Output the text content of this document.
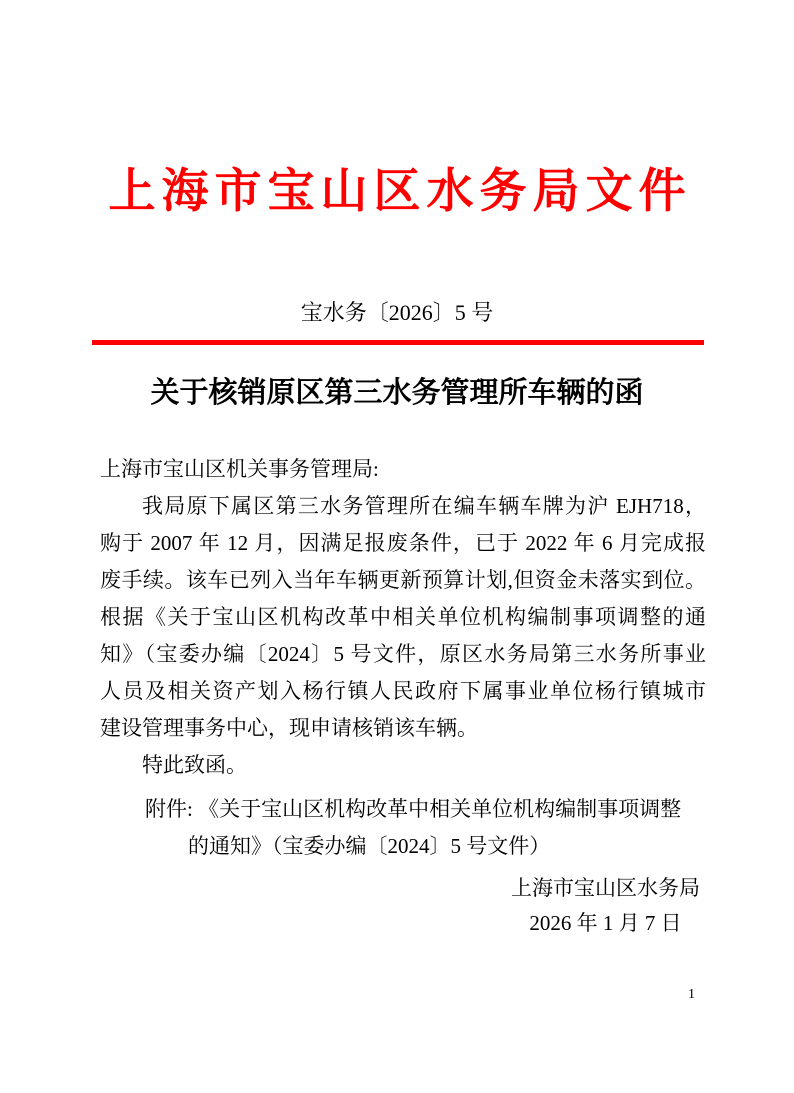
上海市宝山区水务局文件
宝水务〔2026〕5 号
关于核销原区第三水务管理所车辆的函
上海市宝山区机关事务管理局:
我局原下属区第三水务管理所在编车辆车牌为沪 EJH718，
购于 2007 年 12 月，因满足报废条件，已于 2022 年 6 月完成报
废手续。该车已列入当年车辆更新预算计划,但资金未落实到位。
根据《关于宝山区机构改革中相关单位机构编制事项调整的通
知》（宝委办编〔2024〕5 号文件，原区水务局第三水务所事业
人员及相关资产划入杨行镇人民政府下属事业单位杨行镇城市
建设管理事务中心，现申请核销该车辆。
特此致函。
附件: 《关于宝山区机构改革中相关单位机构编制事项调整
的通知》（宝委办编〔2024〕5 号文件）
上海市宝山区水务局
2026 年 1 月 7 日
1
